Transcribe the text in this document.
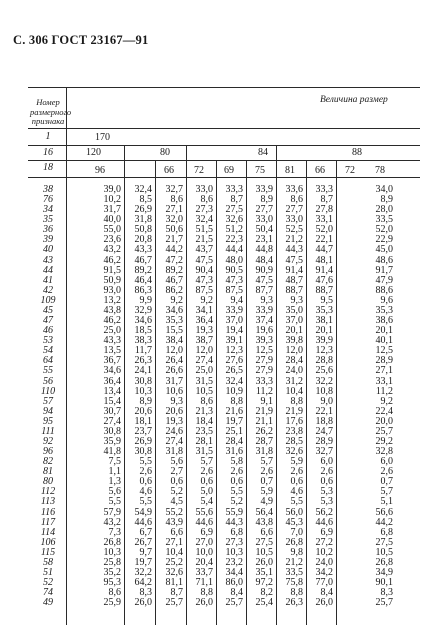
С. 306 ГОСТ 23167—91
Номер размерного признака
Величина размер
1	170
16	120	80	84	88
18	96	66 72 69 75 81 66 72 78
38	39,0	32,4	32,7	33,0	33,3	33,9	33,6	33,3	34,0
76	10,2	8,5	8,6	8,6	8,7	8,9	8,6	8,7	8,9
34	31,7	26,9	27,1	27,3	27,5	27,7	27,7	27,8	28,0
35	40,0	31,8	32,0	32,4	32,6	33,0	33,0	33,1	33,5
36	55,0	50,8	50,6	51,5	51,2	50,4	52,5	52,0	52,0
39	23,6	20,8	21,7	21,5	22,3	23,1	21,2	22,1	22,9
40	43,2	43,3	44,2	43,7	44,4	44,8	44,3	44,7	45,0
43	46,2	46,7	47,2	47,5	48,0	48,4	47,5	48,1	48,6
44	91,5	89,2	89,2	90,4	90,5	90,9	91,4	91,4	91,7
41	50,9	46,4	46,7	47,3	47,3	47,5	48,7	47,6	47,9
42	93,0	86,3	86,2	87,5	87,5	87,7	88,7	88,7	88,6
109	13,2	9,9	9,2	9,2	9,4	9,3	9,3	9,5	9,6
45	43,8	32,9	34,6	34,1	33,9	33,9	35,0	35,3	35,3
47	46,2	34,6	35,3	36,4	37,0	37,4	37,0	38,1	38,6
46	25,0	18,5	15,5	19,3	19,4	19,6	20,1	20,1	20,1
53	43,3	38,3	38,4	38,7	39,1	39,3	39,8	39,9	40,1
54	13,5	11,7	12,0	12,0	12,3	12,5	12,0	12,3	12,5
64	36,7	26,3	26,4	27,4	27,6	27,9	28,4	28,8	28,9
55	34,6	24,1	26,6	25,0	26,5	27,9	24,0	25,6	27,1
56	36,4	30,8	31,7	31,5	32,4	33,3	31,2	32,2	33,1
110	13,4	10,3	10,6	10,5	10,9	11,2	10,4	10,8	11,2
57	15,4	8,9	9,3	8,6	8,8	9,1	8,8	9,0	9,2
94	30,7	20,6	20,6	21,3	21,6	21,9	21,9	22,1	22,4
95	27,4	18,1	19,3	18,4	19,7	21,1	17,6	18,8	20,0
111	30,8	23,7	24,6	23,5	25,1	26,2	23,8	24,7	25,7
92	35,9	26,9	27,4	28,1	28,4	28,7	28,5	28,9	29,2
96	41,8	30,8	31,8	31,5	31,6	31,8	32,6	32,7	32,8
82	7,5	5,5	5,6	5,7	5,8	5,7	5,9	6,0	6,0
81	1,1	2,6	2,7	2,6	2,6	2,6	2,6	2,6	2,6
80	1,3	0,6	0,6	0,6	0,6	0,7	0,6	0,6	0,7
112	5,6	4,6	5,2	5,0	5,5	5,9	4,6	5,3	5,7
113	5,5	5,5	4,5	5,4	5,2	4,9	5,5	5,3	5,1
116	57,9	54,9	55,2	55,6	55,9	56,4	56,0	56,2	56,6
117	43,2	44,6	43,9	44,6	44,3	43,8	45,3	44,6	44,2
114	7,3	6,7	6,6	6,9	6,8	6,6	7,0	6,9	6,8
106	26,8	26,7	27,1	27,0	27,3	27,5	26,8	27,2	27,5
115	10,3	9,7	10,4	10,0	10,3	10,5	9,8	10,2	10,5
58	25,8	19,7	25,2	20,4	23,2	26,0	21,2	24,0	26,8
51	35,2	32,2	32,6	33,7	34,4	35,1	33,5	34,2	34,9
52	95,3	64,2	81,1	71,1	86,0	97,2	75,8	77,0	90,1
74	8,6	8,3	8,7	8,8	8,4	8,2	8,8	8,4	8,3
49	25,9	26,0	25,7	26,0	25,7	25,4	26,3	26,0	25,7
